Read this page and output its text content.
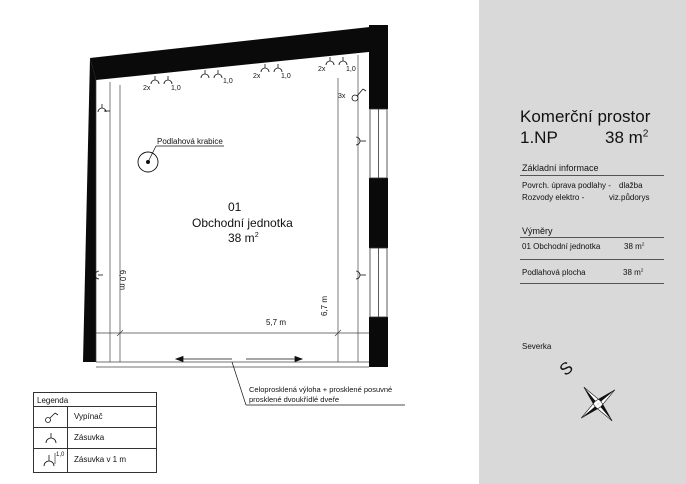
01
Obchodní jednotka
38 $m^2$
Podlahová krabice
5,7 m
6,0 m
6,7 m
3x
2x	1,0
1,0
2x	1,0
2x	1,0
Celoprosklená výloha + prosklené posuvné
prosklené dvoukřídlé dveře
Legenda
Vypínač
Zásuvka
1,0 Zásuvka v 1 m
Komerční prostor
1.NP	38 $m^2$
Základní informace
Povrch. úprava podlahy - dlažba
Rozvody elektro -	viz.půdorys
Výměry
01 Obchodní jednotka	38 $m^2$
Podlahová plocha	38 $m^2$
Severka
S
